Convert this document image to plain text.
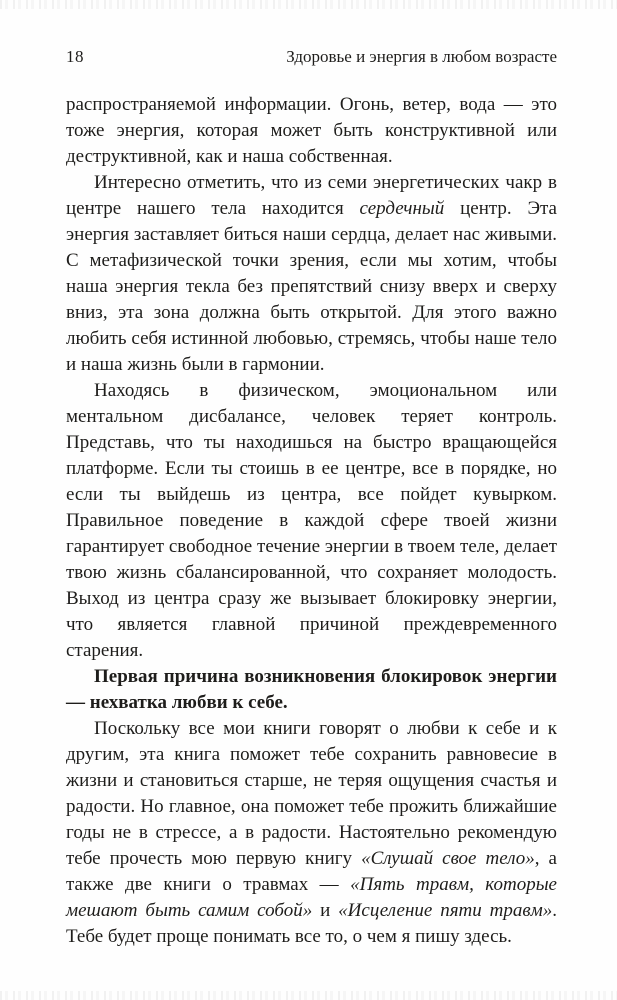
18	Здоровье и энергия в любом возрасте

распространяемой информации. Огонь, ветер, вода — это тоже энергия, которая может быть конструктивной или деструктивной, как и наша собственная.

Интересно отметить, что из семи энергетических чакр в центре нашего тела находится сердечный центр. Эта энергия заставляет биться наши сердца, делает нас живыми. С метафизической точки зрения, если мы хотим, чтобы наша энергия текла без препятствий снизу вверх и сверху вниз, эта зона должна быть открытой. Для этого важно любить себя истинной любовью, стремясь, чтобы наше тело и наша жизнь были в гармонии.

Находясь в физическом, эмоциональном или ментальном дисбалансе, человек теряет контроль. Представь, что ты находишься на быстро вращающейся платформе. Если ты стоишь в ее центре, все в порядке, но если ты выйдешь из центра, все пойдет кувырком. Правильное поведение в каждой сфере твоей жизни гарантирует свободное течение энергии в твоем теле, делает твою жизнь сбалансированной, что сохраняет молодость. Выход из центра сразу же вызывает блокировку энергии, что является главной причиной преждевременного старения.

Первая причина возникновения блокировок энергии — нехватка любви к себе.

Поскольку все мои книги говорят о любви к себе и к другим, эта книга поможет тебе сохранить равновесие в жизни и становиться старше, не теряя ощущения счастья и радости. Но главное, она поможет тебе прожить ближайшие годы не в стрессе, а в радости. Настоятельно рекомендую тебе прочесть мою первую книгу «Слушай свое тело», а также две книги о травмах — «Пять травм, которые мешают быть самим собой» и «Исцеление пяти травм». Тебе будет проще понимать все то, о чем я пишу здесь.
